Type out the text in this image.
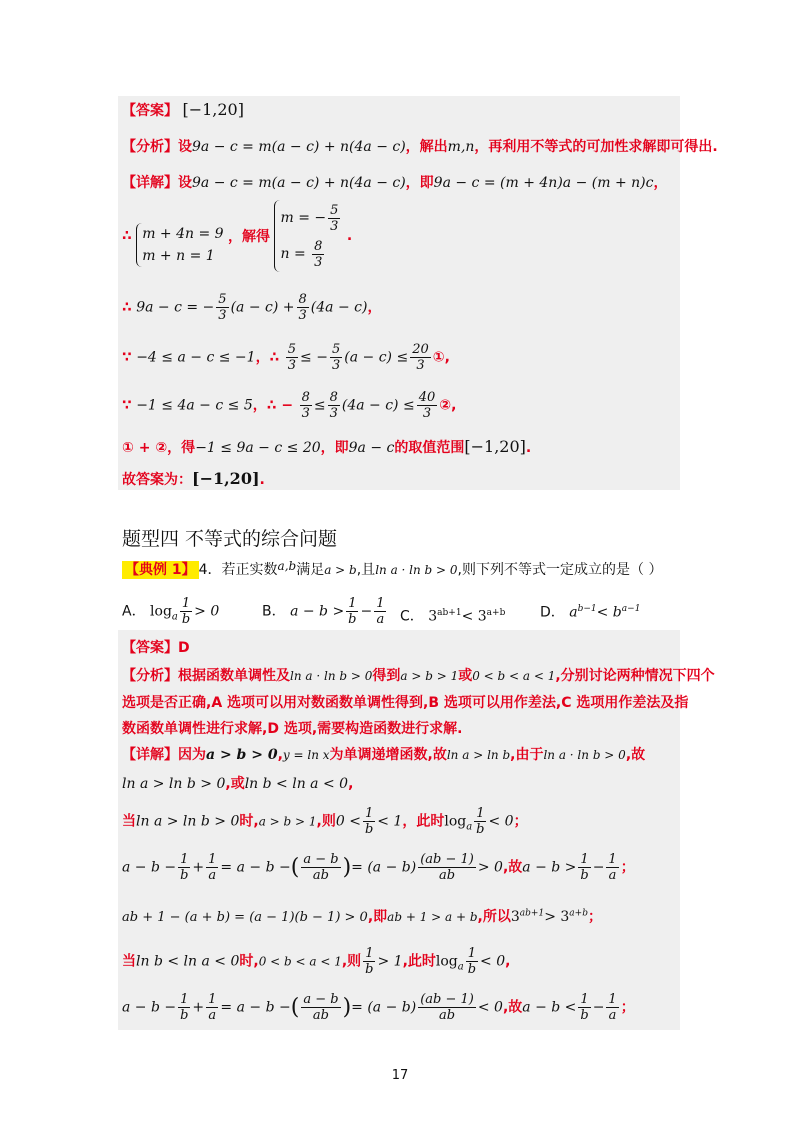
【答案】 [−1,20]
【分析】设9a − c = m(a − c) + n(4a − c)，解出m,n，再利用不等式的可加性求解即可得出.
【详解】设9a − c = m(a − c) + n(4a − c)，即9a − c = (m + 4n)a − (m + n)c，
∴ m + 4n = 9
m + n = 1
，解得
m = − $\frac{5}{3}$
$n = \frac{8}{3}$
.
∴ 9a − c = − $\frac{5}{3} (a - c) + \frac{8}{3} (4a - c)$，
∵ −4 ≤ a − c ≤ −1，∴ $\frac{5}{3}$ ≤ − $\frac{5}{3} (a - c) \le \frac{20}{3}$ ①,
∵ −1 ≤ 4a − c ≤ 5，∴ − $\frac{8}{3} \le \frac{8}{3} (4a - c) \le \frac{40}{3}$ ②,
① + ②，得−1 ≤ 9a − c ≤ 20，即9a − c的取值范围[−1,20].
故答案为：[−1,20].
题型四 不等式的综合问题
【典例 1】 4．若正实数a,b满足a > b,且ln a · ln b > 0,则下列不等式一定成立的是（ ）
A． $\log_a \frac{1}{b} > 0$	B． $a - b > \frac{1}{b} - \frac{1}{a}$ C． $3^{ab+1}< 3^{a+b}$ D． $a^{b-1}< b^{a-1}$
【答案】D
【分析】根据函数单调性及ln a · ln b > 0得到a > b > 1或0 < b < a < 1,分别讨论两种情况下四个
选项是否正确,A 选项可以用对数函数单调性得到,B 选项可以用作差法,C 选项用作差法及指
数函数单调性进行求解,D 选项,需要构造函数进行求解.
【详解】因为a > b > 0,y = ln x为单调递增函数,故ln a > ln b,由于ln a · ln b > 0,故
ln a > ln b > 0,或ln b < ln a < 0,
当ln a > ln b > 0时,a > b > 1,则$0 < \frac{1}{b} < 1$，此时$\log_a \frac{1}{b} < 0$；
$a - b - \frac{1}{b} + \frac{1}{a} = a - b$ −( $\frac{a - b}{ab}$ )= $(a - b) \frac{(ab - 1)}{ab} > 0$,故$a - b > \frac{1}{b} - \frac{1}{a}$ ；
ab + 1 − (a + b) = (a − 1)(b − 1) > 0,即ab + 1 > a + b,所以$3^{ab+1}> 3^{a+b}$；
当ln b < ln a < 0时,0 < b < a < 1,则 $\frac{1}{b} > 1$,此时$\log_a \frac{1}{b} < 0$,
$a - b - \frac{1}{b} + \frac{1}{a} = a - b$ −( $\frac{a - b}{ab}$ )= $(a - b) \frac{(ab - 1)}{ab} < 0$,故$a - b < \frac{1}{b} - \frac{1}{a}$ ；
17
